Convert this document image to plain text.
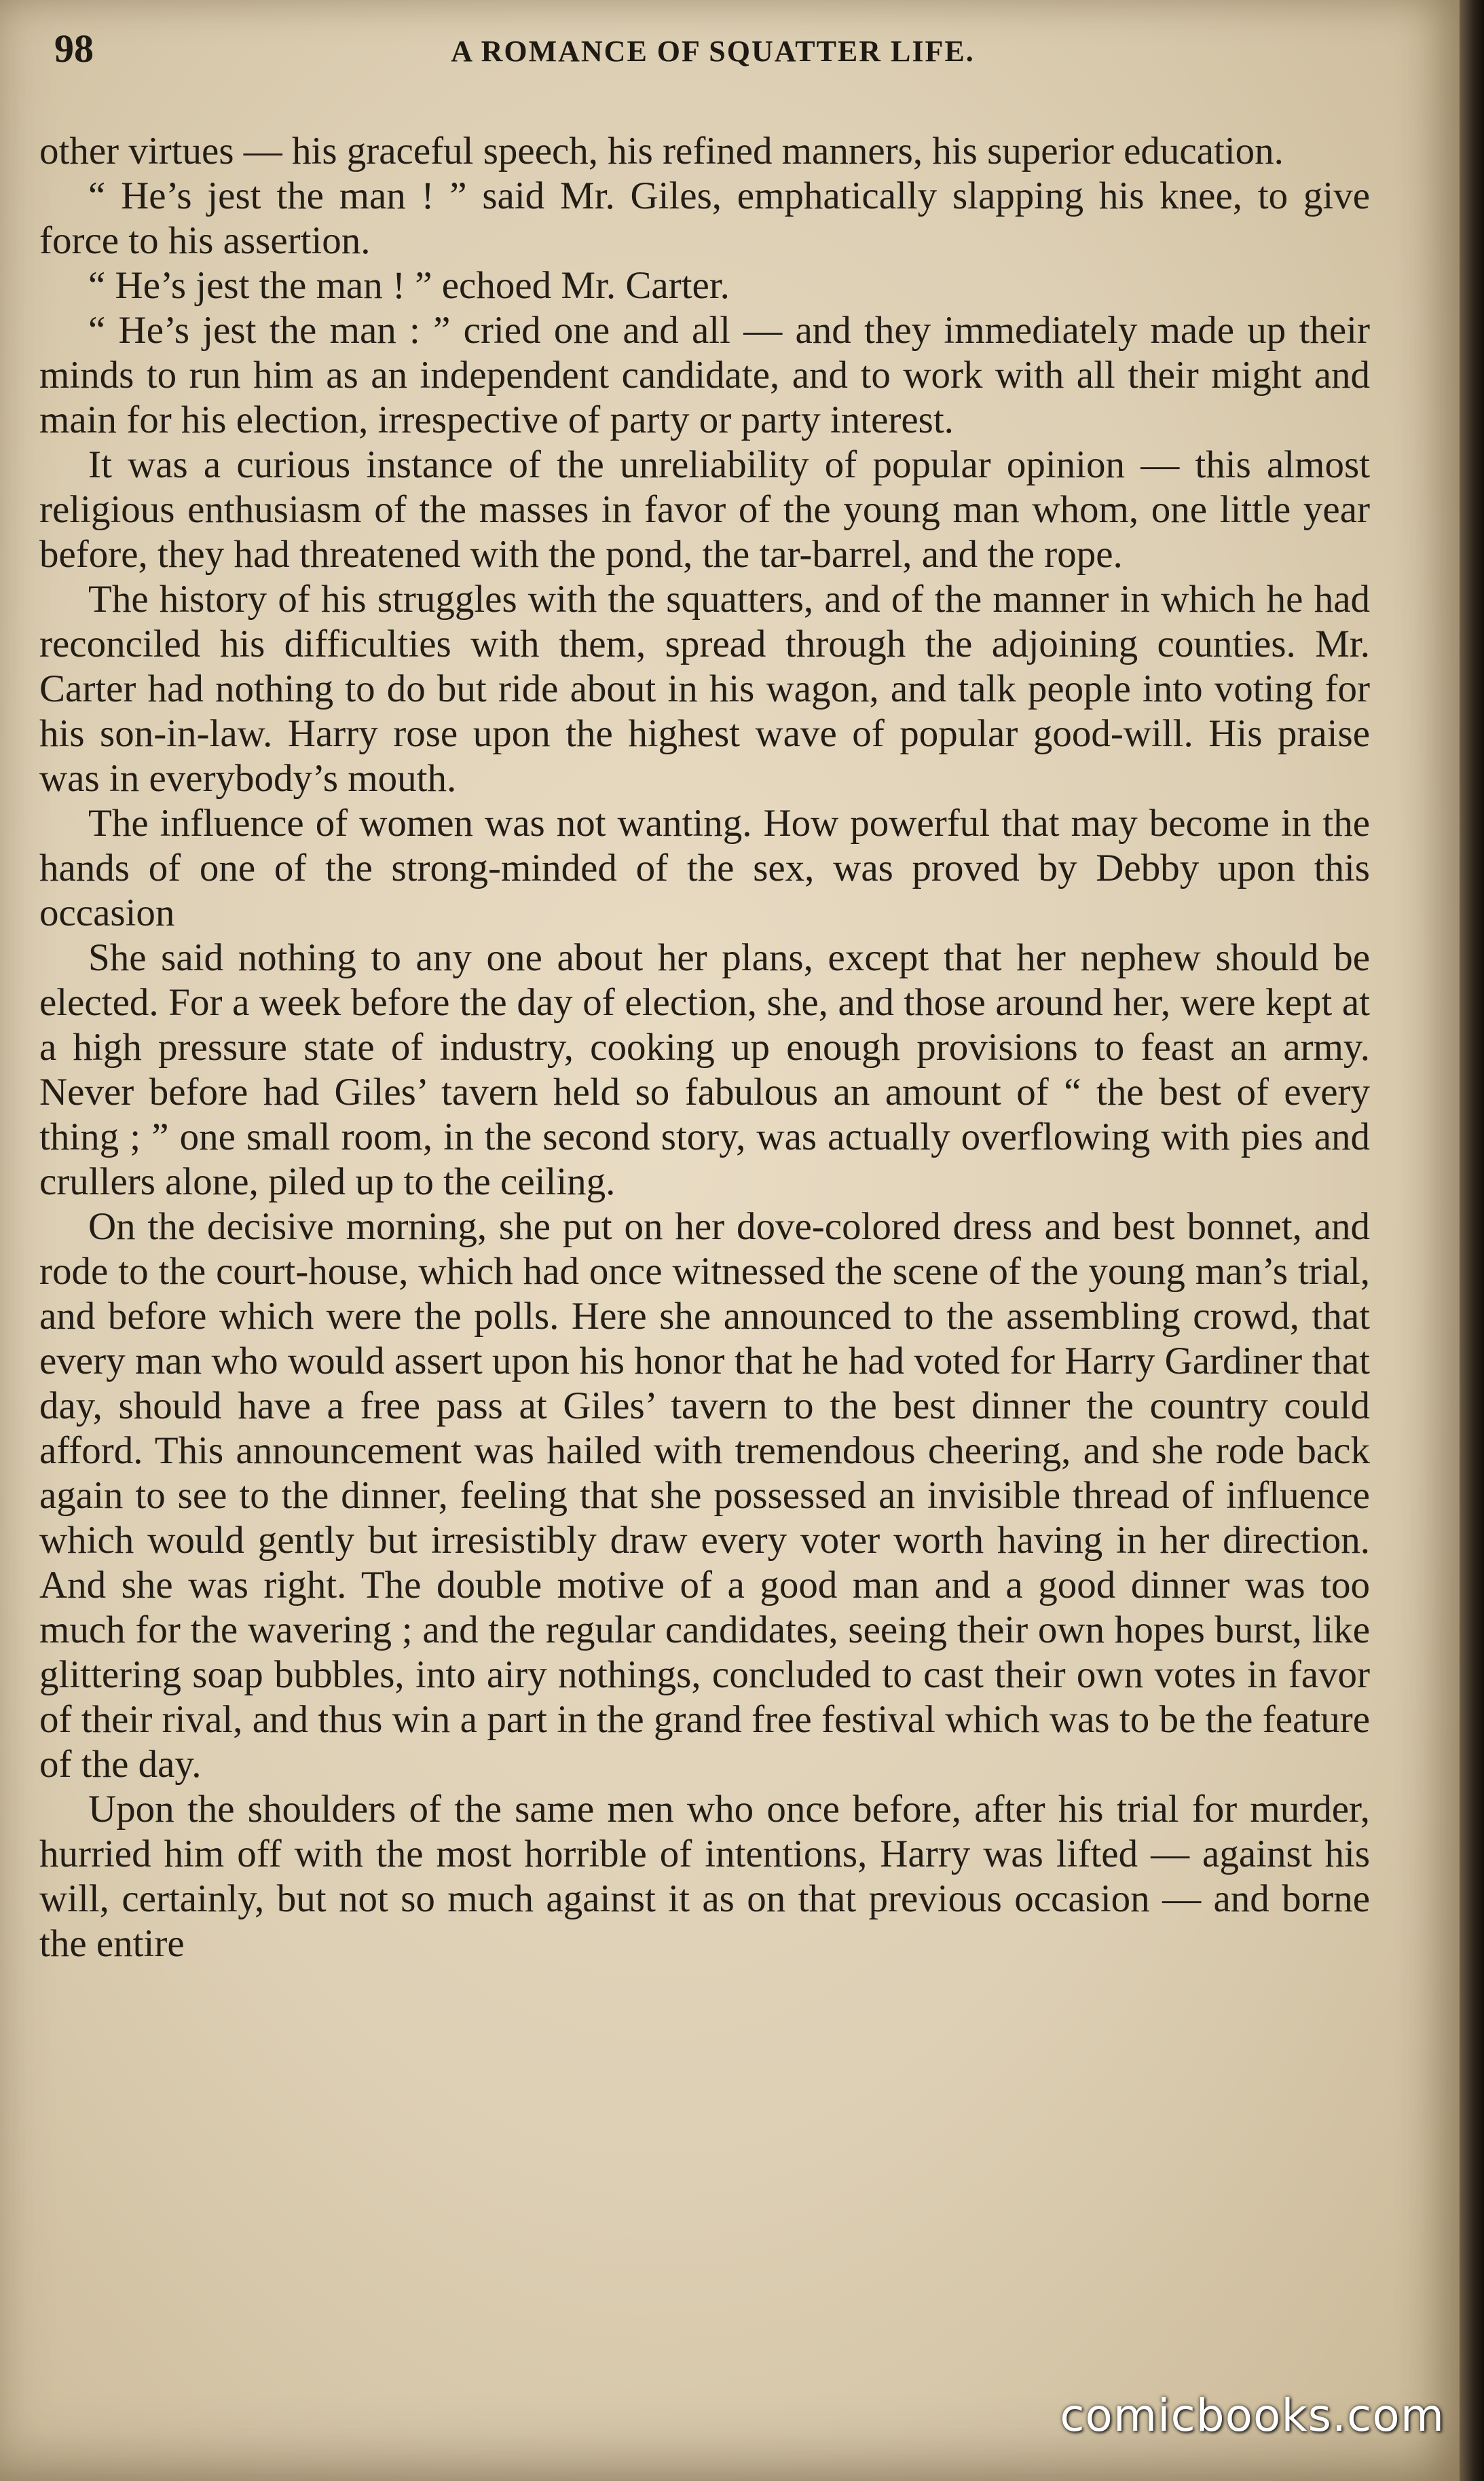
98	A ROMANCE OF SQUATTER LIFE.

other virtues — his graceful speech, his refined manners, his superior education.

“ He’s jest the man ! ” said Mr. Giles, emphatically slapping his knee, to give force to his assertion.

“ He’s jest the man ! ” echoed Mr. Carter.

“ He’s jest the man : ” cried one and all — and they immediately made up their minds to run him as an independent candidate, and to work with all their might and main for his election, irrespective of party or party interest.

It was a curious instance of the unreliability of popular opinion — this almost religious enthusiasm of the masses in favor of the young man whom, one little year before, they had threatened with the pond, the tar-barrel, and the rope.

The history of his struggles with the squatters, and of the manner in which he had reconciled his difficulties with them, spread through the adjoining counties. Mr. Carter had nothing to do but ride about in his wagon, and talk people into voting for his son-in-law. Harry rose upon the highest wave of popular good-will. His praise was in everybody’s mouth.

The influence of women was not wanting. How powerful that may become in the hands of one of the strong-minded of the sex, was proved by Debby upon this occasion

She said nothing to any one about her plans, except that her nephew should be elected. For a week before the day of election, she, and those around her, were kept at a high pressure state of industry, cooking up enough provisions to feast an army. Never before had Giles’ tavern held so fabulous an amount of “ the best of every thing ; ” one small room, in the second story, was actually overflowing with pies and crullers alone, piled up to the ceiling.

On the decisive morning, she put on her dove-colored dress and best bonnet, and rode to the court-house, which had once witnessed the scene of the young man’s trial, and before which were the polls. Here she announced to the assembling crowd, that every man who would assert upon his honor that he had voted for Harry Gardiner that day, should have a free pass at Giles’ tavern to the best dinner the country could afford. This announcement was hailed with tremendous cheering, and she rode back again to see to the dinner, feeling that she possessed an invisible thread of influence which would gently but irresistibly draw every voter worth having in her direction. And she was right. The double motive of a good man and a good dinner was too much for the wavering ; and the regular candidates, seeing their own hopes burst, like glittering soap bubbles, into airy nothings, concluded to cast their own votes in favor of their rival, and thus win a part in the grand free festival which was to be the feature of the day.

Upon the shoulders of the same men who once before, after his trial for murder, hurried him off with the most horrible of intentions, Harry was lifted — against his will, certainly, but not so much against it as on that previous occasion — and borne the entire

comicbooks.com
